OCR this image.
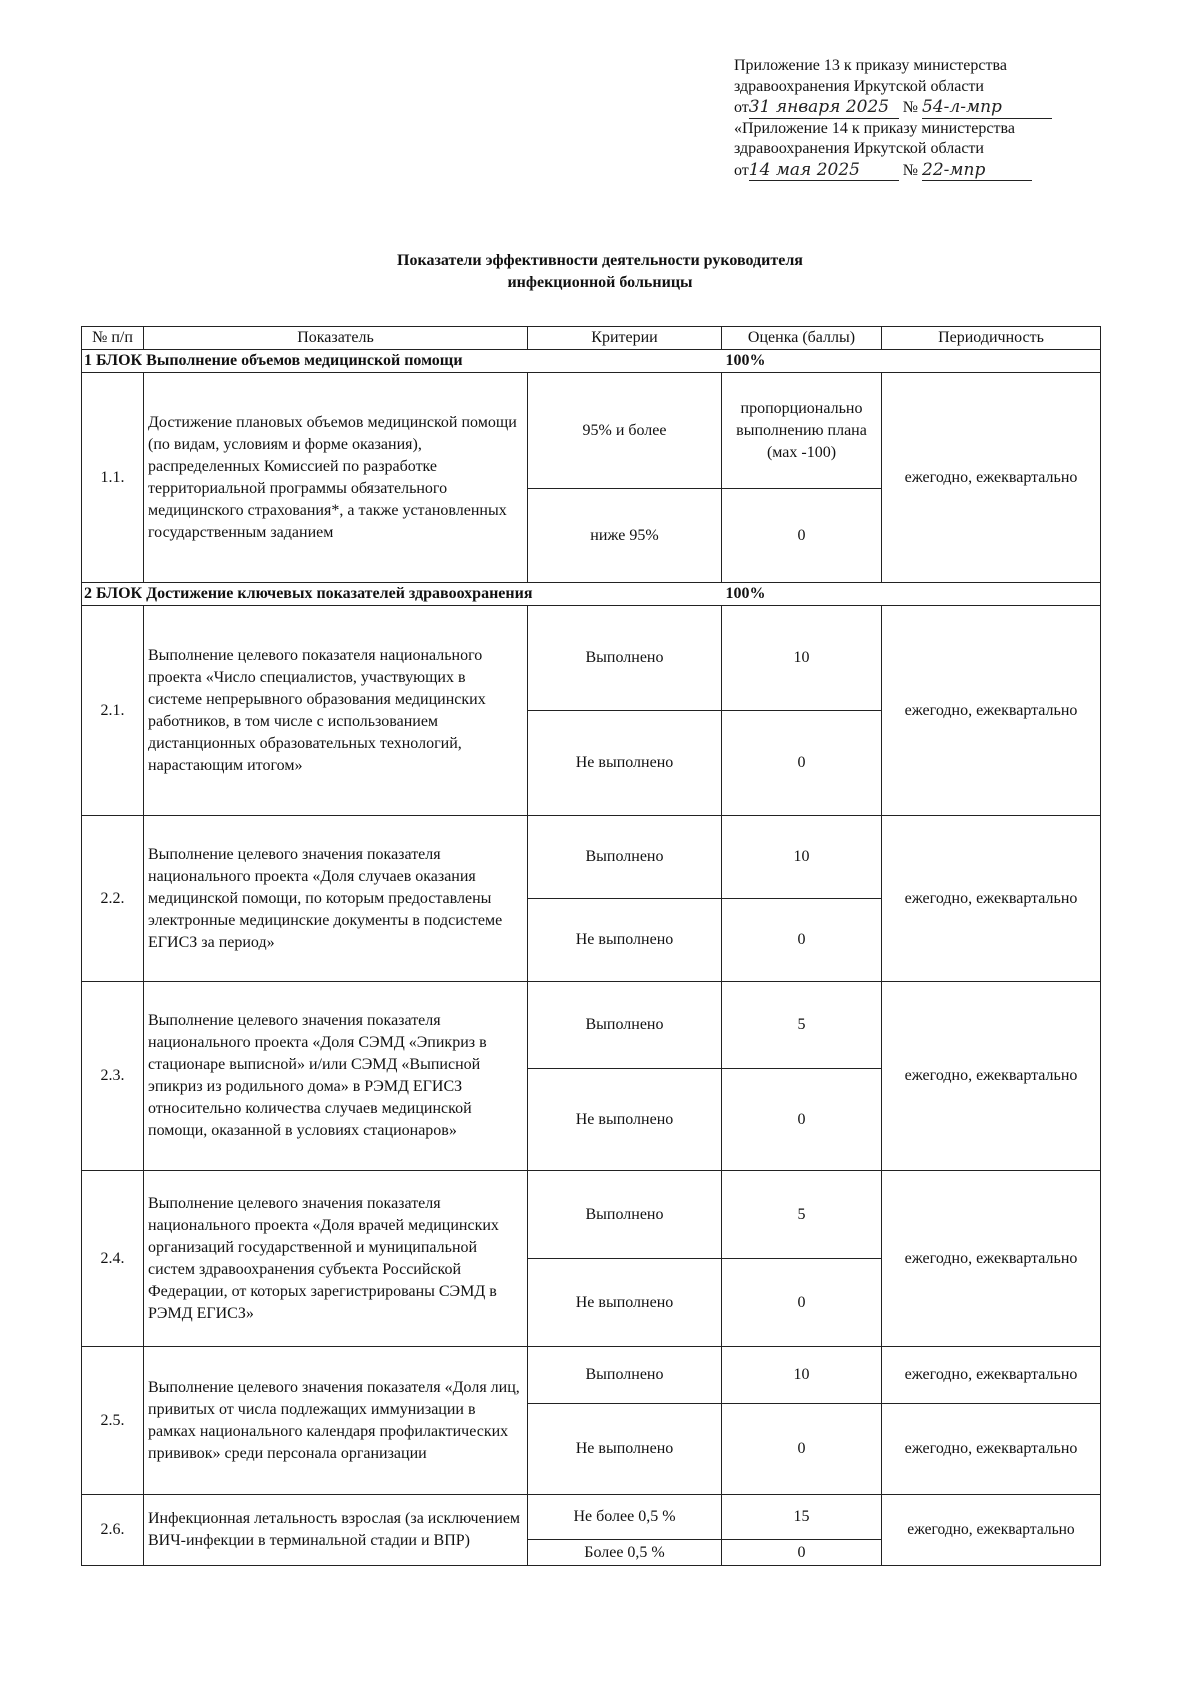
Приложение 13 к приказу министерства
здравоохранения Иркутской области
от31 января 2025 № 54-л-мпр
«Приложение 14 к приказу министерства
здравоохранения Иркутской области
от14 мая 2025	№ 22-мпр
Показатели эффективности деятельности руководителя
инфекционной больницы
№ п/п	Показатель	Критерии	Оценка (баллы)	Периодичность
1 БЛОК Выполнение объемов медицинской помощи			100%	
1.1.	Достижение плановых объемов медицинской помощи (по видам, условиям и форме оказания), распределенных Комиссией по разработке территориальной программы обязательного медицинского страхования*, а также установленных государственным заданием	95% и более	пропорционально выполнению плана (мах -100)	ежегодно, ежеквартально
		ниже 95%	0	
2 БЛОК Достижение ключевых показателей здравоохранения			100%	
2.1.	Выполнение целевого показателя национального проекта «Число специалистов, участвующих в системе непрерывного образования медицинских работников, в том числе с использованием дистанционных образовательных технологий, нарастающим итогом»	Выполнено	10	ежегодно, ежеквартально
		Не выполнено	0	
2.2.	Выполнение целевого значения показателя национального проекта «Доля случаев оказания медицинской помощи, по которым предоставлены электронные медицинские документы в подсистеме ЕГИСЗ за период»	Выполнено	10	ежегодно, ежеквартально
		Не выполнено	0	
2.3.	Выполнение целевого значения показателя национального проекта «Доля СЭМД «Эпикриз в стационаре выписной» и/или СЭМД «Выписной эпикриз из родильного дома» в РЭМД ЕГИСЗ относительно количества случаев медицинской помощи, оказанной в условиях стационаров»	Выполнено	5	ежегодно, ежеквартально
		Не выполнено	0	
2.4.	Выполнение целевого значения показателя национального проекта «Доля врачей медицинских организаций государственной и муниципальной систем здравоохранения субъекта Российской Федерации, от которых зарегистрированы СЭМД в РЭМД ЕГИСЗ»	Выполнено	5	ежегодно, ежеквартально
		Не выполнено	0	
2.5.	Выполнение целевого значения показателя «Доля лиц, привитых от числа подлежащих иммунизации в рамках национального календаря профилактических прививок» среди персонала организации	Выполнено	10	ежегодно, ежеквартально
		Не выполнено	0	ежегодно, ежеквартально
2.6.	Инфекционная летальность взрослая (за исключением ВИЧ-инфекции в терминальной стадии и ВПР)	Не более 0,5 %	15	ежегодно, ежеквартально
		Более 0,5 %	0	
